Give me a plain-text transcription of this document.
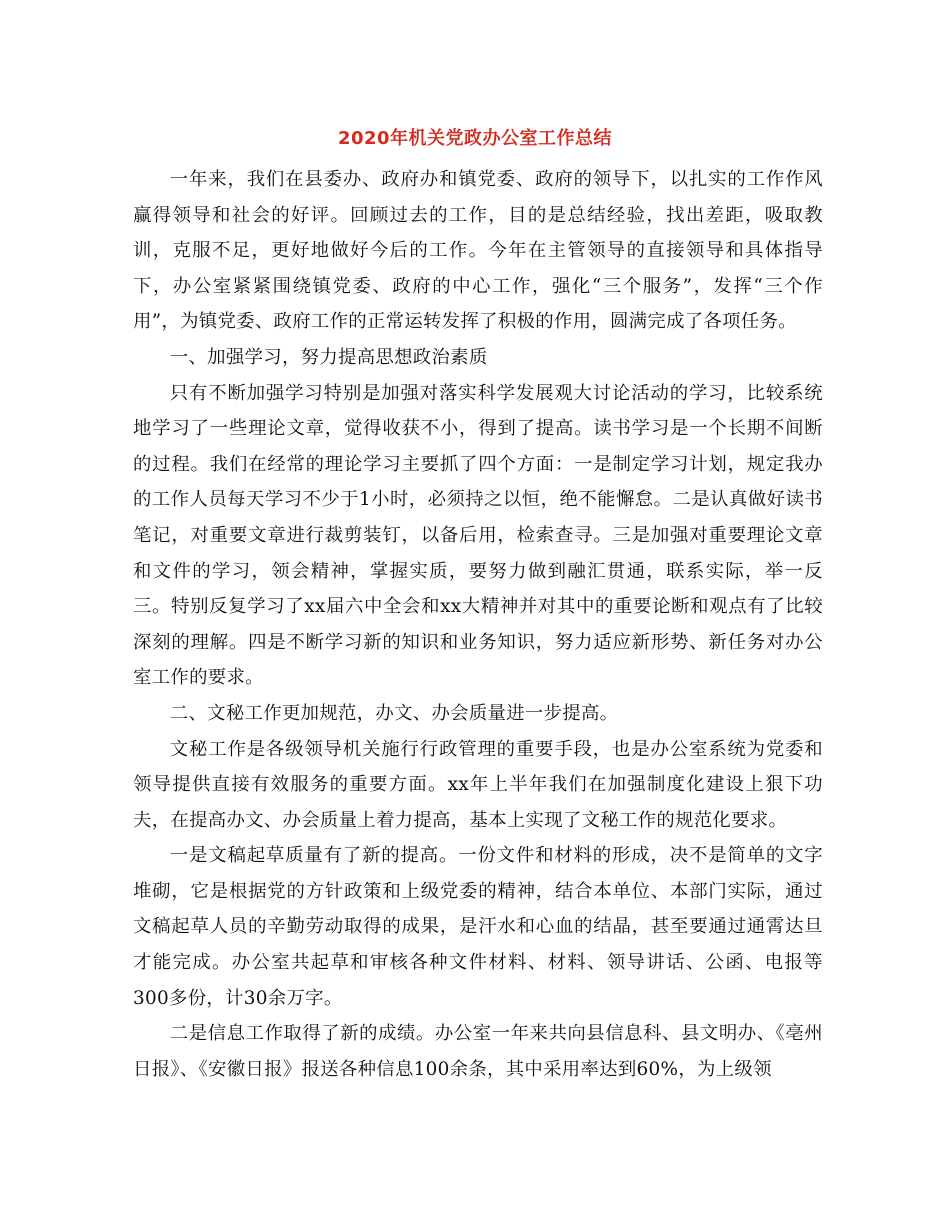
2020年机关党政办公室工作总结

一年来，我们在县委办、政府办和镇党委、政府的领导下，以扎实的工作作风赢得领导和社会的好评。回顾过去的工作，目的是总结经验，找出差距，吸取教训，克服不足，更好地做好今后的工作。今年在主管领导的直接领导和具体指导下，办公室紧紧围绕镇党委、政府的中心工作，强化“三个服务”，发挥“三个作用”，为镇党委、政府工作的正常运转发挥了积极的作用，圆满完成了各项任务。

一、加强学习，努力提高思想政治素质

只有不断加强学习特别是加强对落实科学发展观大讨论活动的学习，比较系统地学习了一些理论文章，觉得收获不小，得到了提高。读书学习是一个长期不间断的过程。我们在经常的理论学习主要抓了四个方面：一是制定学习计划，规定我办的工作人员每天学习不少于1小时，必须持之以恒，绝不能懈怠。二是认真做好读书笔记，对重要文章进行裁剪装钉，以备后用，检索查寻。三是加强对重要理论文章和文件的学习，领会精神，掌握实质，要努力做到融汇贯通，联系实际，举一反三。特别反复学习了xx届六中全会和xx大精神并对其中的重要论断和观点有了比较深刻的理解。四是不断学习新的知识和业务知识，努力适应新形势、新任务对办公室工作的要求。

二、文秘工作更加规范，办文、办会质量进一步提高。

文秘工作是各级领导机关施行行政管理的重要手段，也是办公室系统为党委和领导提供直接有效服务的重要方面。xx年上半年我们在加强制度化建设上狠下功夫，在提高办文、办会质量上着力提高，基本上实现了文秘工作的规范化要求。

一是文稿起草质量有了新的提高。一份文件和材料的形成，决不是简单的文字堆砌，它是根据党的方针政策和上级党委的精神，结合本单位、本部门实际，通过文稿起草人员的辛勤劳动取得的成果，是汗水和心血的结晶，甚至要通过通霄达旦才能完成。办公室共起草和审核各种文件材料、材料、领导讲话、公函、电报等300多份，计30余万字。

二是信息工作取得了新的成绩。办公室一年来共向县信息科、县文明办、《亳州日报》、《安徽日报》报送各种信息100余条，其中采用率达到60%，为上级领
